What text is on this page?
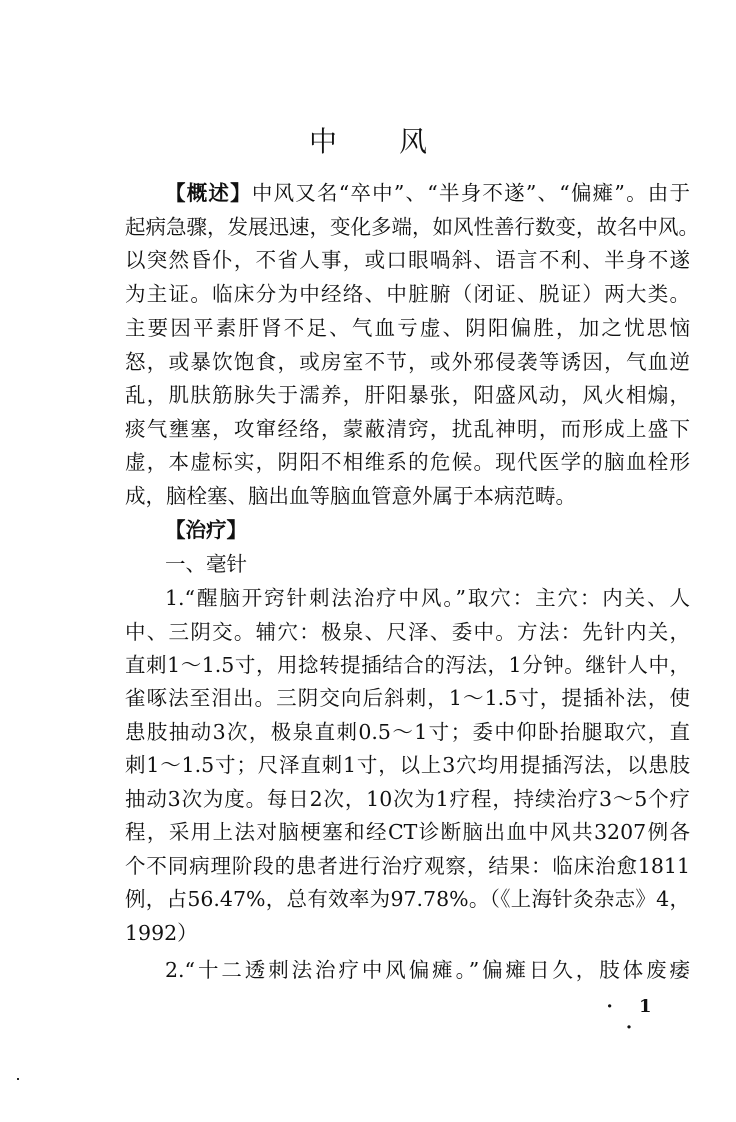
中风
【概述】中风又名“卒中”、“半身不遂”、“偏瘫”。由于
起病急骤，发展迅速，变化多端，如风性善行数变，故名中风。
以突然昏仆，不省人事，或口眼喎斜、语言不利、半身不遂
为主证。临床分为中经络、中脏腑（闭证、脱证）两大类。
主要因平素肝肾不足、气血亏虚、阴阳偏胜，加之忧思恼
怒，或暴饮饱食，或房室不节，或外邪侵袭等诱因，气血逆
乱，肌肤筋脉失于濡养，肝阳暴张，阳盛风动，风火相煽，
痰气壅塞，攻窜经络，蒙蔽清窍，扰乱神明，而形成上盛下
虚，本虚标实，阴阳不相维系的危候。现代医学的脑血栓形
成，脑栓塞、脑出血等脑血管意外属于本病范畴。
【治疗】
一、毫针
1.“醒脑开窍针刺法治疗中风。”取穴：主穴：内关、人
中、三阴交。辅穴：极泉、尺泽、委中。方法：先针内关，
直刺1～1.5寸，用捻转提插结合的泻法，1分钟。继针人中，
雀啄法至泪出。三阴交向后斜刺，1～1.5寸，提插补法，使
患肢抽动3次，极泉直刺0.5～1寸；委中仰卧抬腿取穴，直
刺1～1.5寸；尺泽直刺1寸，以上3穴均用提插泻法，以患肢
抽动3次为度。每日2次，10次为1疗程，持续治疗3～5个疗
程，采用上法对脑梗塞和经CT诊断脑出血中风共3207例各
个不同病理阶段的患者进行治疗观察，结果：临床治愈1811
例，占56.47%，总有效率为97.78%。（《上海针灸杂志》4，
1992）
2.“十二透刺法治疗中风偏瘫。”偏瘫日久，肢体废痿
· 1 ·
